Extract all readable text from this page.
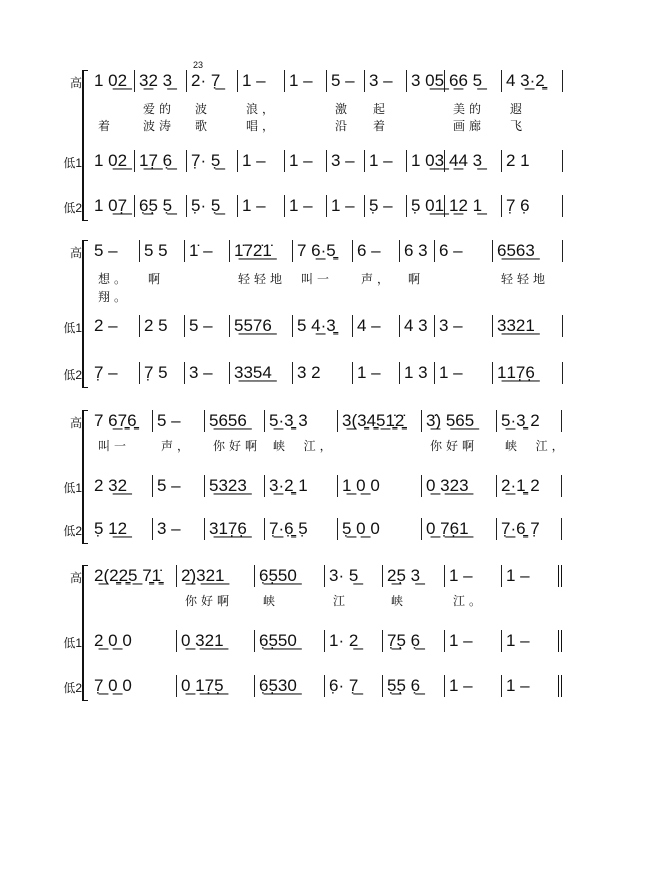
高 1 0̲2̲ 3̲2 3̲	2· 7̣̲	1 –	1 –	5 – 3 –	3 0̲5̲ 6̲6 5̲	4 3̲·2̳
低1 1 0̲2̲ 1̲7̣̲ 6̣̲	7̣· 5̣̲	1 –	1 –	3 – 1 –	1 0̲3̲ 4̲4 3̲	2 1
低2 1 0̲7̣̲ 6̣̲5̣ 5̣̲	5̣· 5̣̲	1 –	1 –	1 – 5̣ –	5̣ 0̲1̲ 1̲2 1̲	7̣ 6̣
爱的	波	浪，	激	起	美的	遐
着	波涛	歌	唱，	沿	着	画廊	飞
23
高 5 –	5 5	1̇ –	1̲̇7̲2̲̇1̲̇	7 6̲·5̳	6 –	6 3 6 –	6̲5̲6̲3̲
低1 2 –	2 5	5 –	5̲5̲7̲6̲	5 4̲·3̳	4 –	4 3 3 –	3̲3̲2̲1̲
低2 7̣ –	7̣ 5	3 –	3̲3̲5̲4̲	3 2	1 –	1 3 1 –	1̲1̲7̣̲6̣̲
想。	啊	轻轻地	叫一	声，	啊	轻轻地
翔。
高 7 6̲7̳6̳	5 –	5̲6̲5̲6̲	5̲·3̳ 3	3̲(3̳4̳5̲1̳̇2̳̇	3̲̇) 5̲6̲5̲	5̲·3̳ 2
低1 2 3̲2̲	5 –	5̲3̲2̲3̲	3̲·2̳ 1	1̲ 0̲ 0	0̲ 3̲2̲3̲	2̲·1̳ 2
低2 5̣ 1̲2̲	3 –	3̲1̲7̣̲6̣̲	7̣̲·6̣̳ 5̣	5̣̲ 0̲ 0	0̲ 7̣̲6̣̲1̲	7̣̲·6̳ 7̣
叫一	声，	你好啊 峡  江，	你好啊	峡  江，
高 2̲(2̳2̳5̲ 7̳1̳̇	2̲̇)3̲2̲1̲	6̣̲5̣̲5̲0̲	3· 5̲	2̲5̣ 3̲	1 –	1 –
低1 2̲ 0̲ 0	0̲ 3̲2̲1̲	6̣̲5̣̲5̲0̲	1· 2̲	7̣̲5̣ 6̣̲	1 –	1 –
低2 7̣̲ 0̲ 0	0̲ 1̲7̣̲5̣̲	6̣̲5̣̲3̲0̲	6̣· 7̣̲	5̣̲5̣ 6̣̲	1 –	1 –
你好啊	峡	江	峡	江。
